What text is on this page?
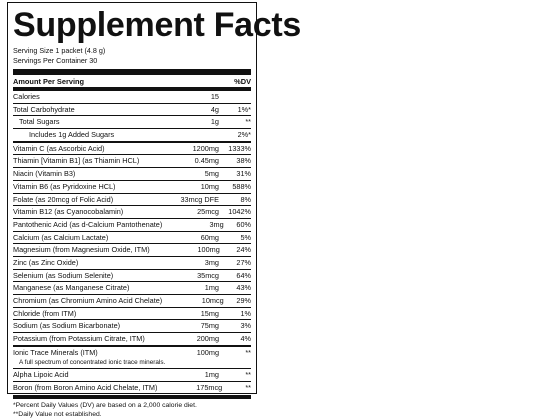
Supplement Facts
Serving Size 1 packet (4.8 g)
Servings Per Container 30
Amount Per Serving	%DV
Calories	15
Total Carbohydrate	4g	1%*
Total Sugars	1g	**
Includes 1g Added Sugars	2%*
Vitamin C (as Ascorbic Acid)	1200mg	1333%
Thiamin [Vitamin B1] (as Thiamin HCL)	0.45mg	38%
Niacin (Vitamin B3)	5mg	31%
Vitamin B6 (as Pyridoxine HCL)	10mg	588%
Folate (as 20mcg of Folic Acid)	33mcg DFE	8%
Vitamin B12 (as Cyanocobalamin)	25mcg	1042%
Pantothenic Acid (as d-Calcium Pantothenate)	3mg	60%
Calcium (as Calcium Lactate)	60mg	5%
Magnesium (from Magnesium Oxide, ITM)	100mg	24%
Zinc (as Zinc Oxide)	3mg	27%
Selenium (as Sodium Selenite)	35mcg	64%
Manganese (as Manganese Citrate)	1mg	43%
Chromium (as Chromium Amino Acid Chelate)	10mcg	29%
Chloride (from ITM)	15mg	1%
Sodium (as Sodium Bicarbonate)	75mg	3%
Potassium (from Potassium Citrate, ITM)	200mg	4%
Ionic Trace Minerals (ITM)	100mg	**
A full spectrum of concentrated ionic trace minerals.
Alpha Lipoic Acid	1mg	**
Boron (from Boron Amino Acid Chelate, ITM)	175mcg	**
*Percent Daily Values (DV) are based on a 2,000 calorie diet.
**Daily Value not established.
